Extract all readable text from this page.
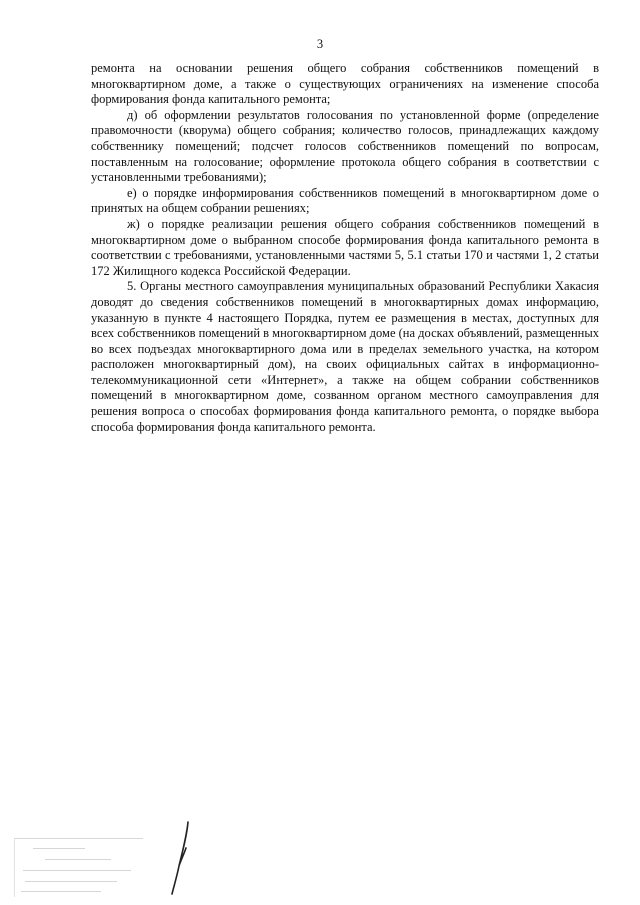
3

ремонта на основании решения общего собрания собственников помещений в многоквартирном доме, а также о существующих ограничениях на изменение способа формирования фонда капитального ремонта;

д) об оформлении результатов голосования по установленной форме (определение правомочности (кворума) общего собрания; количество голосов, принадлежащих каждому собственнику помещений; подсчет голосов собственников помещений по вопросам, поставленным на голосование; оформление протокола общего собрания в соответствии с установленными требованиями);

е) о порядке информирования собственников помещений в многоквартирном доме о принятых на общем собрании решениях;

ж) о порядке реализации решения общего собрания собственников помещений в многоквартирном доме о выбранном способе формирования фонда капитального ремонта в соответствии с требованиями, установленными частями 5, 5.1 статьи 170 и частями 1, 2 статьи 172 Жилищного кодекса Российской Федерации.

5. Органы местного самоуправления муниципальных образований Республики Хакасия доводят до сведения собственников помещений в многоквартирных домах информацию, указанную в пункте 4 настоящего Порядка, путем ее размещения в местах, доступных для всех собственников помещений в многоквартирном доме (на досках объявлений, размещенных во всех подъездах многоквартирного дома или в пределах земельного участка, на котором расположен многоквартирный дом), на своих официальных сайтах в информационно-телекоммуникационной сети «Интернет», а также на общем собрании собственников помещений в многоквартирном доме, созванном органом местного самоуправления для решения вопроса о способах формирования фонда капитального ремонта, о порядке выбора способа формирования фонда капитального ремонта.
